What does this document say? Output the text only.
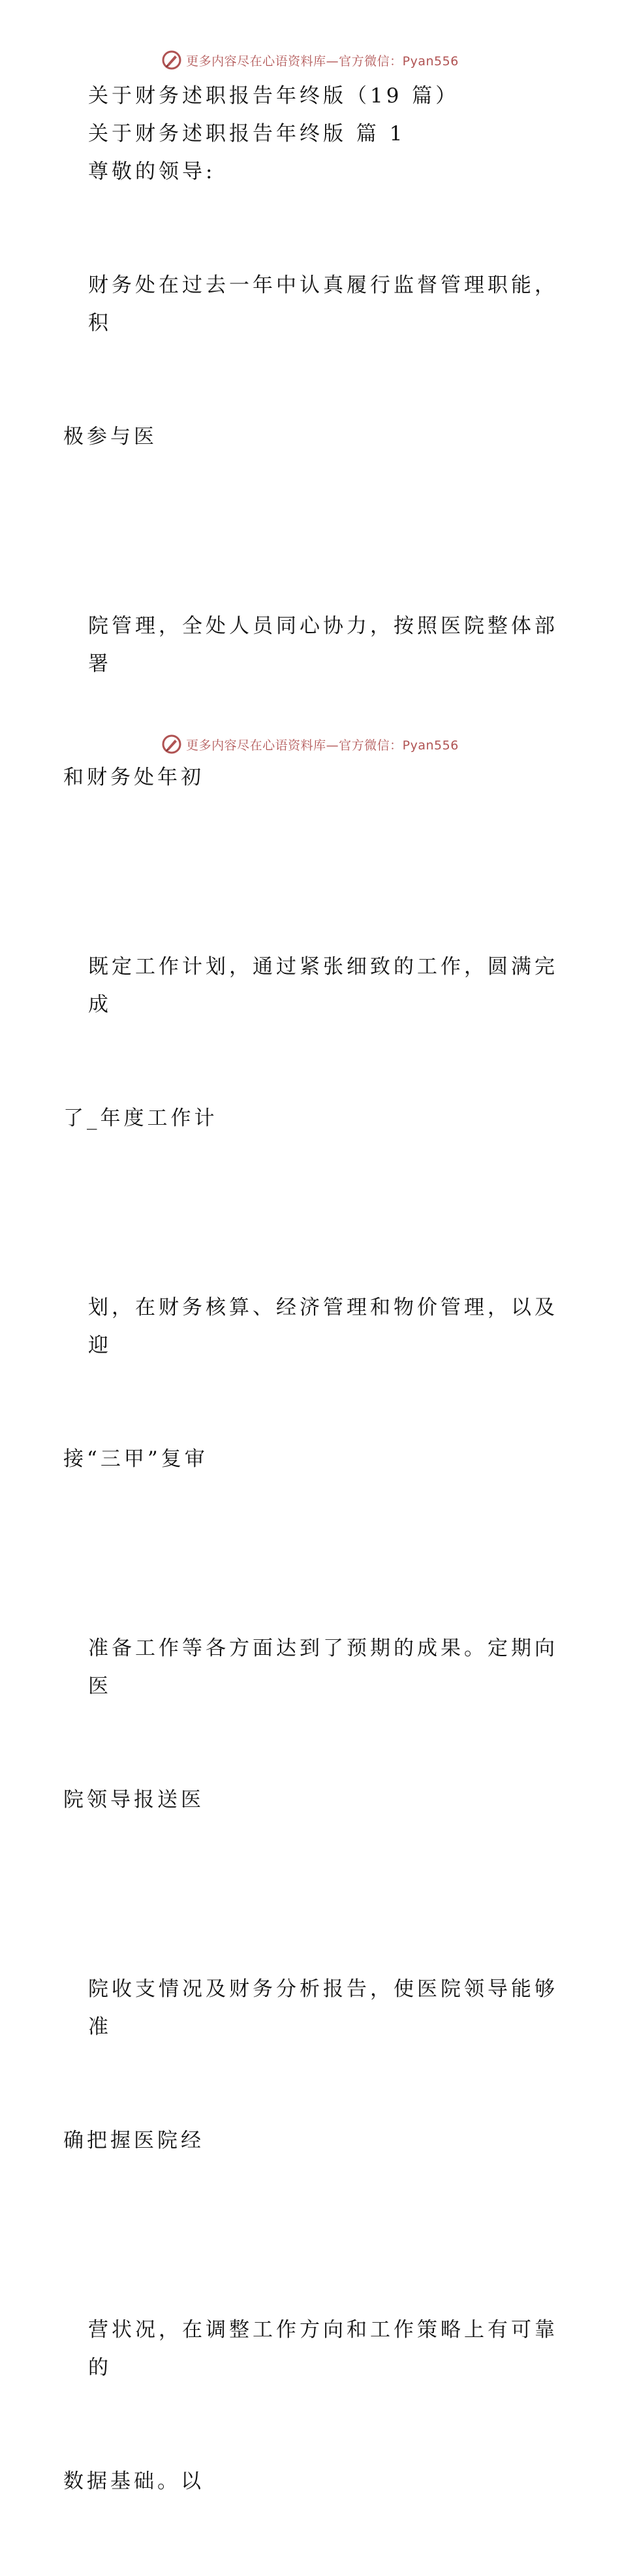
更多内容尽在心语资料库—官方微信：Pyan556

关于财务述职报告年终版（19 篇）

关于财务述职报告年终版 篇 1

尊敬的领导:

财务处在过去一年中认真履行监督管理职能，积

极参与医

院管理，全处人员同心协力，按照医院整体部署

和财务处年初

既定工作计划，通过紧张细致的工作，圆满完成

了_年度工作计

划，在财务核算、经济管理和物价管理，以及迎

接“三甲”复审

准备工作等各方面达到了预期的成果。定期向医

院领导报送医

院收支情况及财务分析报告，使医院领导能够准

确把握医院经

营状况，在调整工作方向和工作策略上有可靠的

数据基础。以

更多内容尽在心语资料库—官方微信：Pyan556
